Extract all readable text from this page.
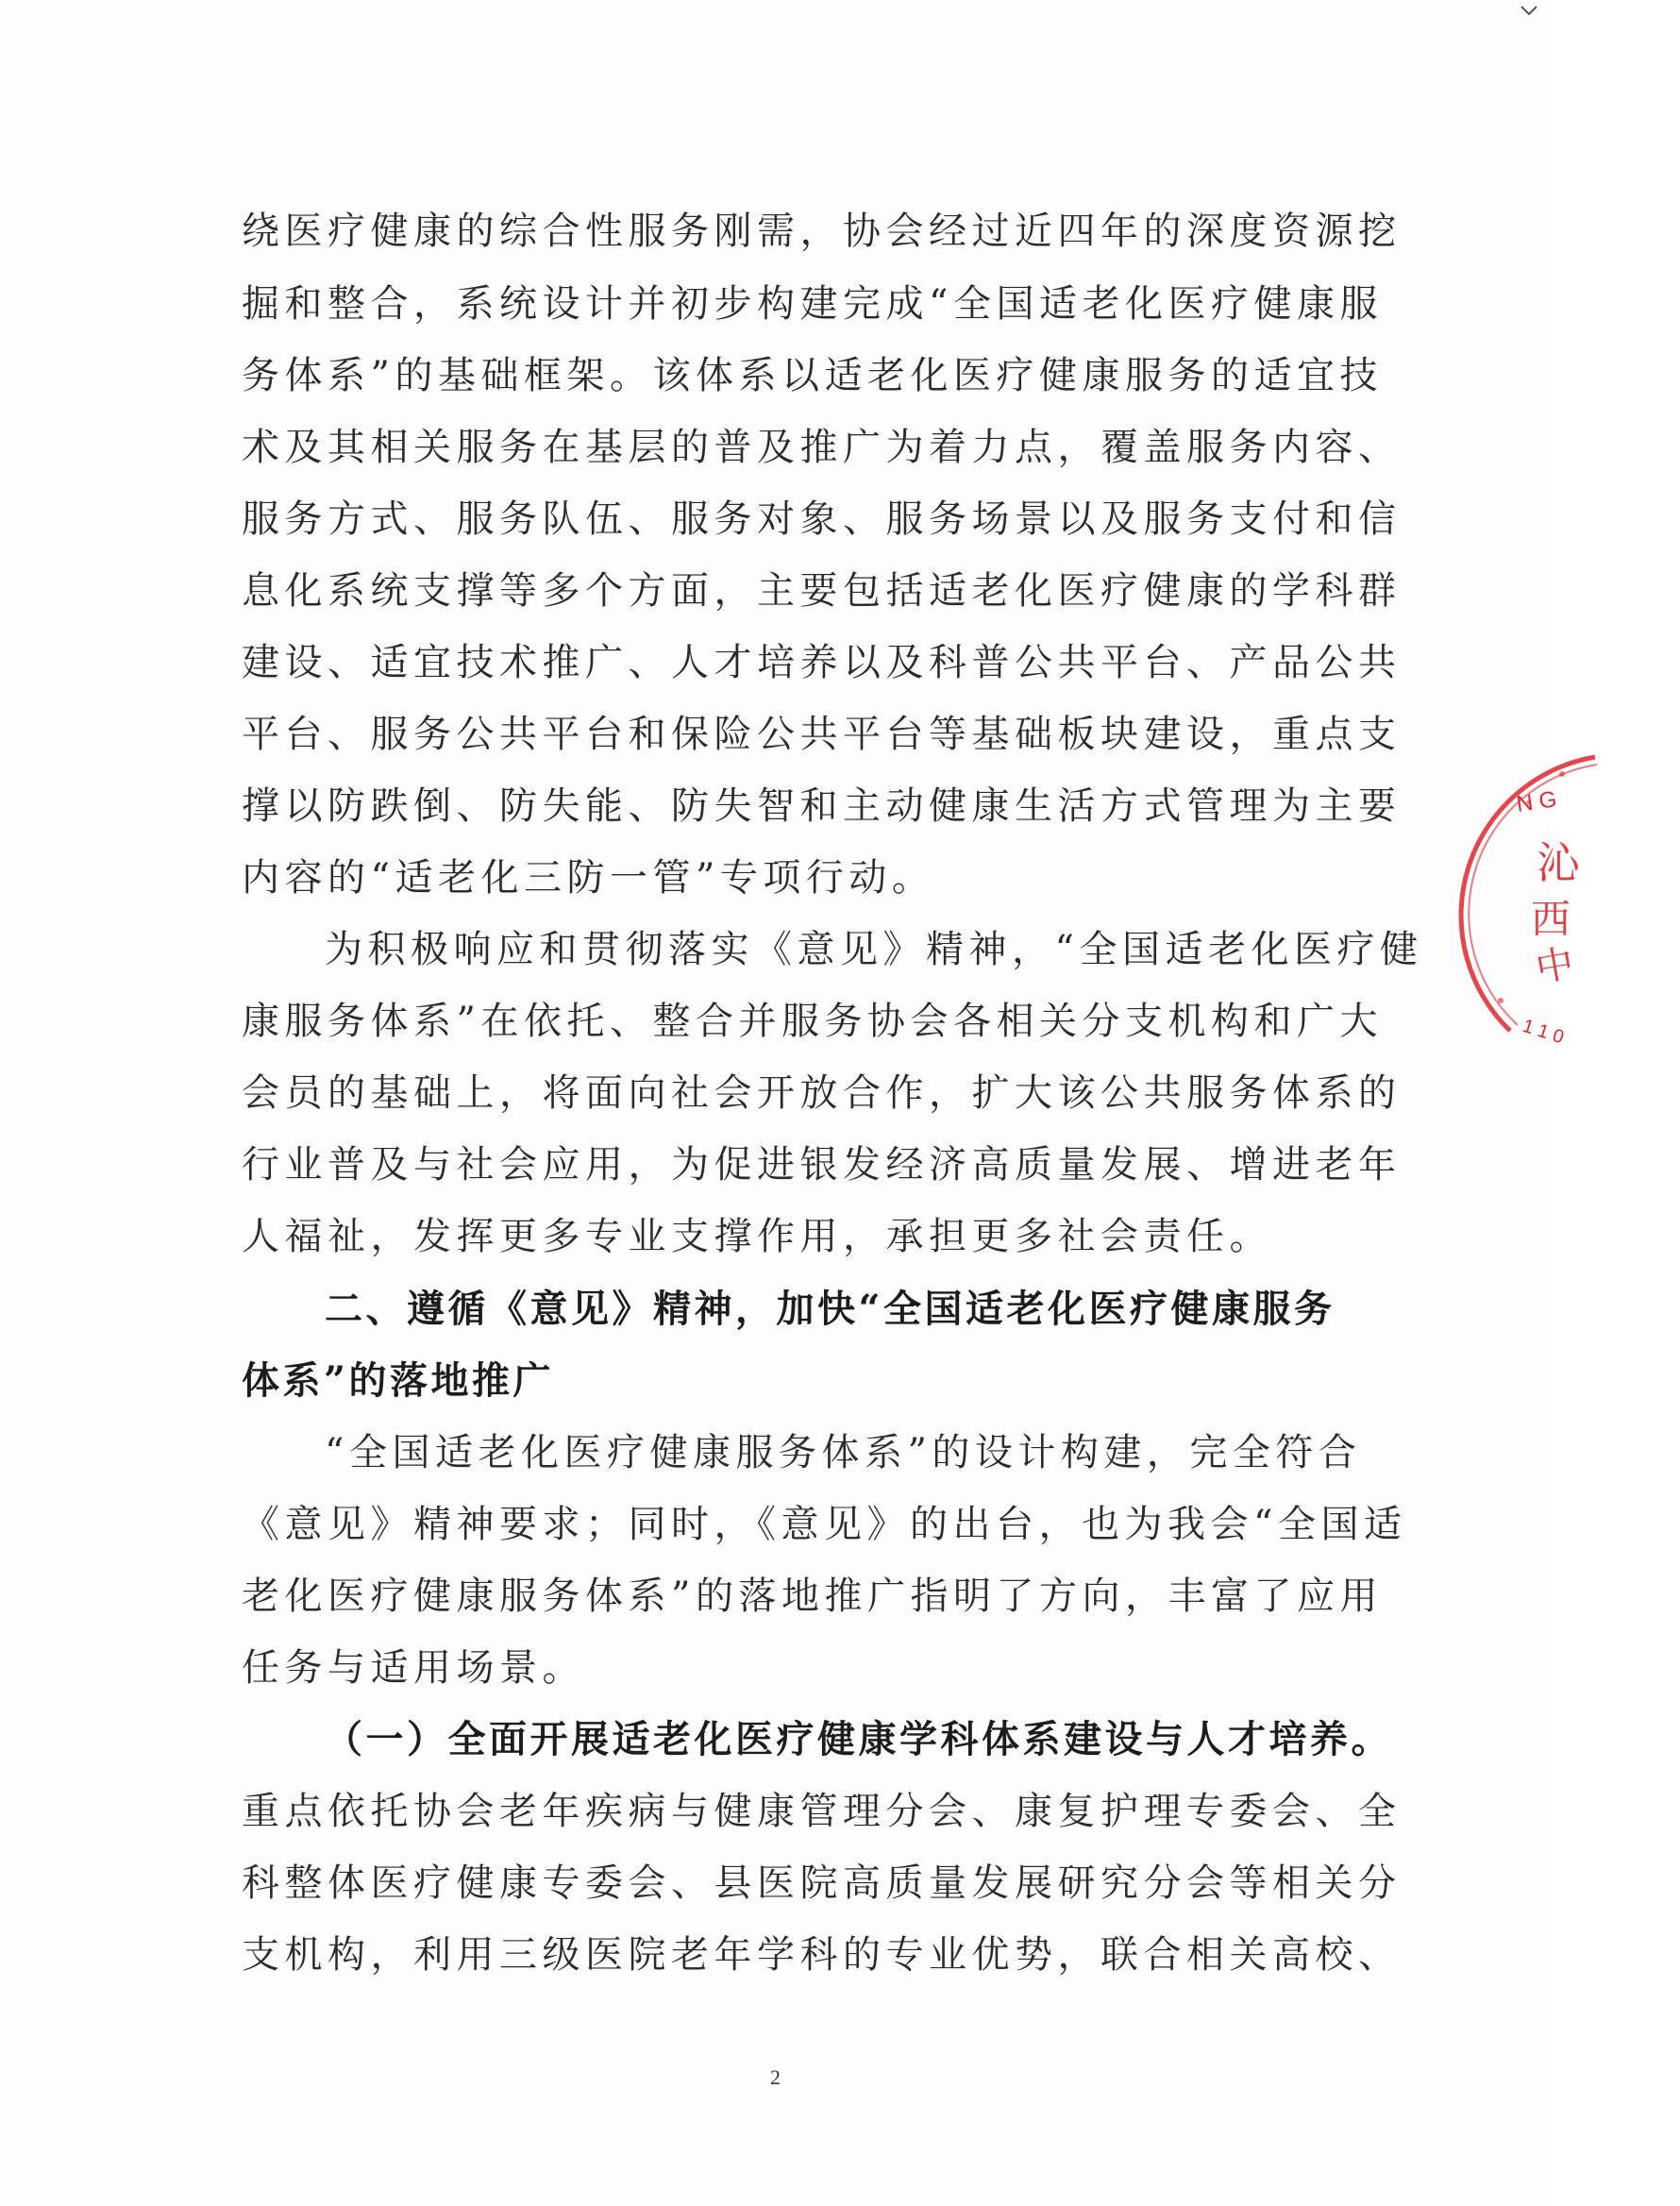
绕医疗健康的综合性服务刚需，协会经过近四年的深度资源挖
掘和整合，系统设计并初步构建完成“全国适老化医疗健康服
务体系”的基础框架。该体系以适老化医疗健康服务的适宜技
术及其相关服务在基层的普及推广为着力点，覆盖服务内容、
服务方式、服务队伍、服务对象、服务场景以及服务支付和信
息化系统支撑等多个方面，主要包括适老化医疗健康的学科群
建设、适宜技术推广、人才培养以及科普公共平台、产品公共
平台、服务公共平台和保险公共平台等基础板块建设，重点支
撑以防跌倒、防失能、防失智和主动健康生活方式管理为主要
内容的“适老化三防一管”专项行动。
为积极响应和贯彻落实《意见》精神，“全国适老化医疗健
康服务体系”在依托、整合并服务协会各相关分支机构和广大
会员的基础上，将面向社会开放合作，扩大该公共服务体系的
行业普及与社会应用，为促进银发经济高质量发展、增进老年
人福祉，发挥更多专业支撑作用，承担更多社会责任。
二、遵循《意见》精神，加快“全国适老化医疗健康服务
体系”的落地推广
“全国适老化医疗健康服务体系”的设计构建，完全符合
《意见》精神要求；同时，《意见》的出台，也为我会“全国适
老化医疗健康服务体系”的落地推广指明了方向，丰富了应用
任务与适用场景。
（一）全面开展适老化医疗健康学科体系建设与人才培养。
重点依托协会老年疾病与健康管理分会、康复护理专委会、全
科整体医疗健康专委会、县医院高质量发展研究分会等相关分
支机构，利用三级医院老年学科的专业优势，联合相关高校、
N G
沁
西
中
1 1 0
2
